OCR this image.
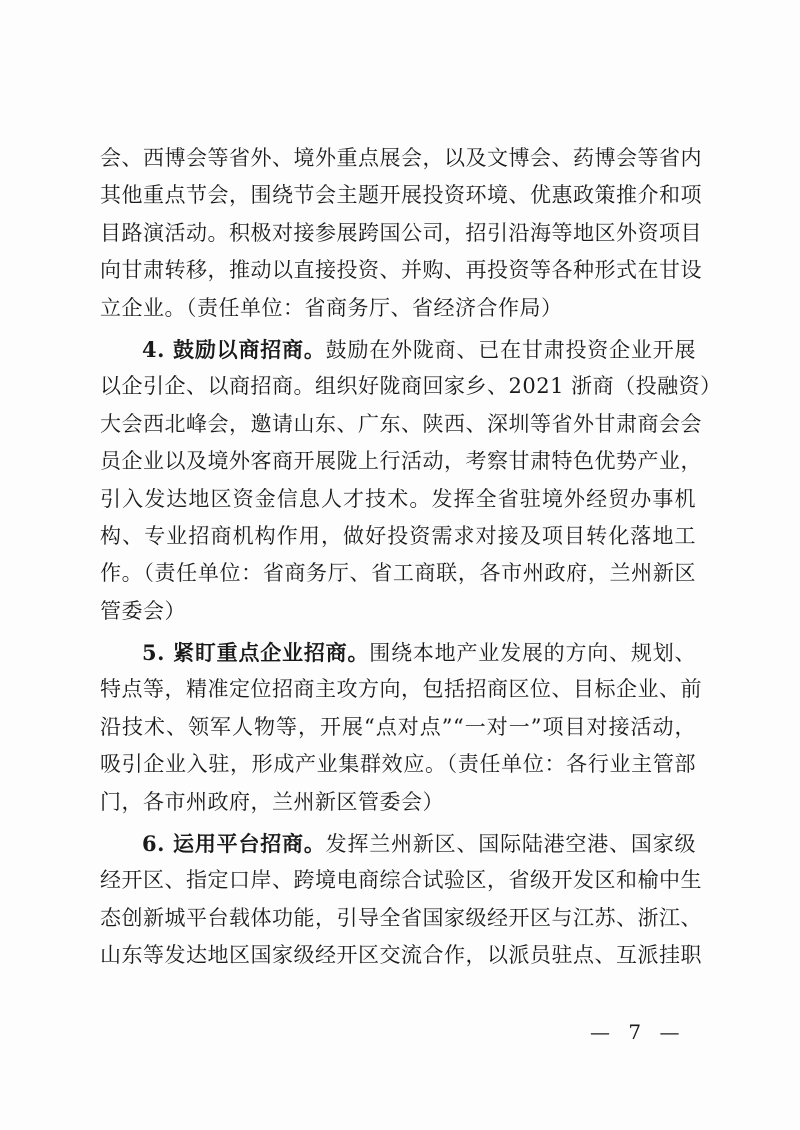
会、西博会等省外、境外重点展会，以及文博会、药博会等省内
其他重点节会，围绕节会主题开展投资环境、优惠政策推介和项
目路演活动。积极对接参展跨国公司，招引沿海等地区外资项目
向甘肃转移，推动以直接投资、并购、再投资等各种形式在甘设
立企业。（责任单位：省商务厅、省经济合作局）
4. 鼓励以商招商。鼓励在外陇商、已在甘肃投资企业开展
以企引企、以商招商。组织好陇商回家乡、2021 浙商（投融资）
大会西北峰会，邀请山东、广东、陕西、深圳等省外甘肃商会会
员企业以及境外客商开展陇上行活动，考察甘肃特色优势产业，
引入发达地区资金信息人才技术。发挥全省驻境外经贸办事机
构、专业招商机构作用，做好投资需求对接及项目转化落地工
作。（责任单位：省商务厅、省工商联，各市州政府，兰州新区
管委会）
5. 紧盯重点企业招商。围绕本地产业发展的方向、规划、
特点等，精准定位招商主攻方向，包括招商区位、目标企业、前
沿技术、领军人物等，开展“点对点”“一对一”项目对接活动，
吸引企业入驻，形成产业集群效应。（责任单位：各行业主管部
门，各市州政府，兰州新区管委会）
6. 运用平台招商。发挥兰州新区、国际陆港空港、国家级
经开区、指定口岸、跨境电商综合试验区，省级开发区和榆中生
态创新城平台载体功能，引导全省国家级经开区与江苏、浙江、
山东等发达地区国家级经开区交流合作，以派员驻点、互派挂职
— 7 —
